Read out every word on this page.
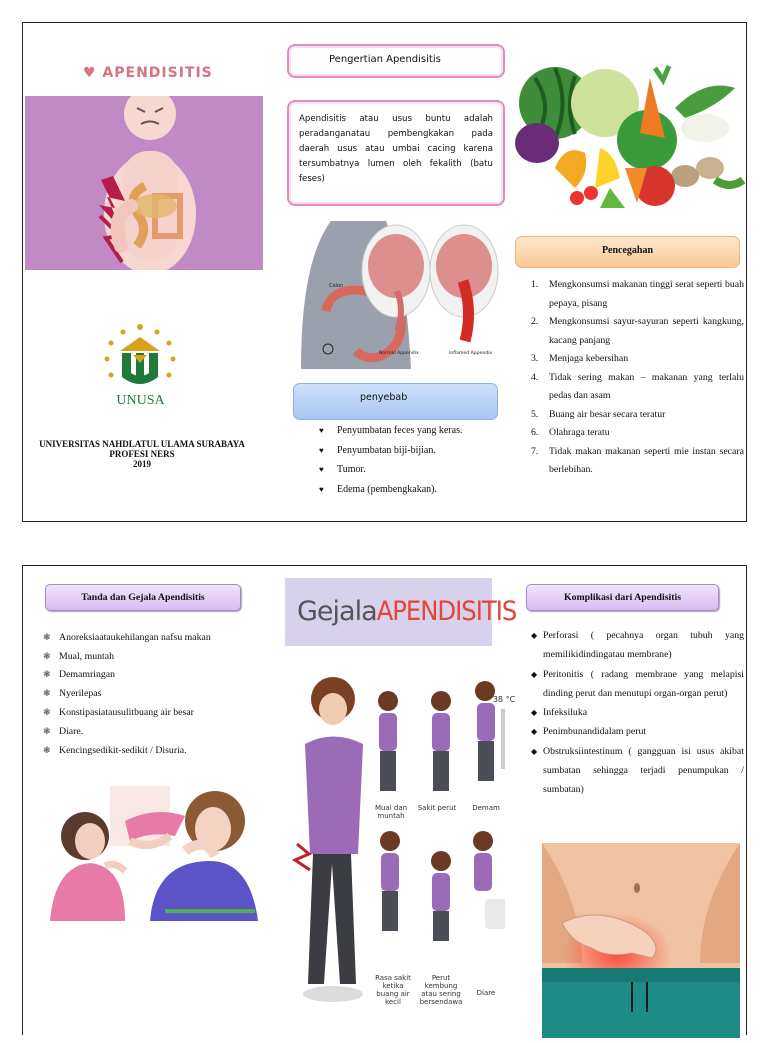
♥ APENDISITIS
UNUSA
UNIVERSITAS NAHDLATUL ULAMA SURABAYA
PROFESI NERS
2019
Pengertian Apendisitis
Apendisitis atau usus buntu adalah peradanganatau pembengkakan pada daerah usus atau umbai cacing karena tersumbatnya lumen oleh fekalith (batu feses)
Colon
Normal Appendix	Inflamed Appendix
penyebab
♥	Penyumbatan feces yang keras.
♥	Penyumbatan biji-bijian.
♥	Tumor.
♥	Edema (pembengkakan).
Pencegahan
1.	Mengkonsumsi makanan tinggi serat seperti buah pepaya, pisang
2.	Mengkonsumsi sayur-sayuran seperti kangkung, kacang panjang
3.	Menjaga kebersihan
4.	Tidak sering makan – makanan yang terlalu pedas dan asam
5.	Buang air besar secara teratur
6.	Olahraga teratu
7.	Tidak makan makanan seperti mie instan secara berlebihan.
Tanda dan Gejala Apendisitis
❃ Anoreksiaataukehilangan nafsu makan
❃ Mual, muntah
❃ Demamringan
❃ Nyerilepas
❃ Konstipasiatausulitbuang air besar
❃ Diare.
❃ Kencingsedikit-sedikit / Disuria.
GejalaAPENDISITIS
Mual dan muntah
Sakit perut	Demam
38 °C
Rasa sakit ketika buang air kecil
Perut kembung atau sering bersendawa
Diare
Komplikasi dari Apendisitis
◆ Perforasi ( pecahnya organ tubuh yang memilikidindingatau membrane)
◆ Peritonitis ( radang membrane yang melapisi dinding perut dan menutupi organ-organ perut)
◆ Infeksiluka
◆ Penimbunandidalam perut
◆ Obstruksiintestinum ( gangguan isi usus akibat sumbatan sehingga terjadi penumpukan / sumbatan)
